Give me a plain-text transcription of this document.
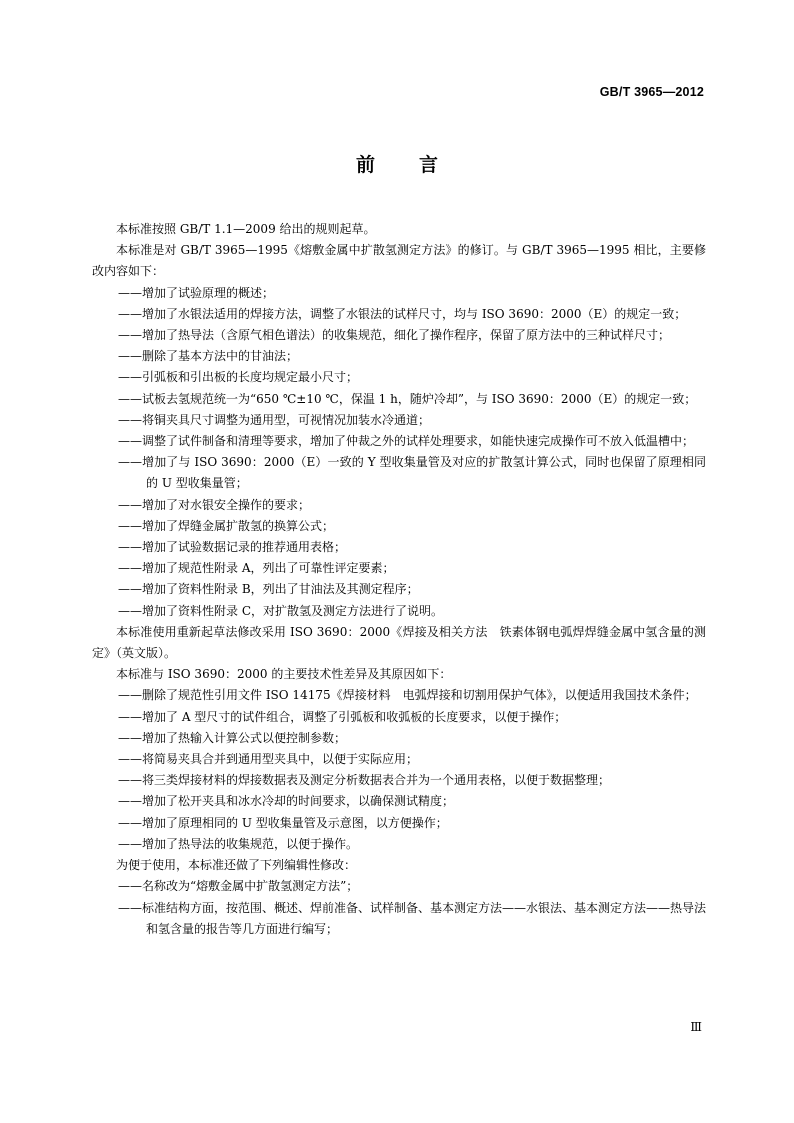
GB/T 3965—2012
前 言

本标准按照 GB/T 1.1—2009 给出的规则起草。

本标准是对 GB/T 3965—1995《熔敷金属中扩散氢测定方法》的修订。与 GB/T 3965—1995 相比，主要修改内容如下：

——增加了试验原理的概述；

——增加了水银法适用的焊接方法，调整了水银法的试样尺寸，均与 ISO 3690：2000（E）的规定一致；

——增加了热导法（含原气相色谱法）的收集规范，细化了操作程序，保留了原方法中的三种试样尺寸；

——删除了基本方法中的甘油法；

——引弧板和引出板的长度均规定最小尺寸；

——试板去氢规范统一为“650 ℃±10 ℃，保温 1 h，随炉冷却”，与 ISO 3690：2000（E）的规定一致；

——将铜夹具尺寸调整为通用型，可视情况加装水冷通道；

——调整了试件制备和清理等要求，增加了仲裁之外的试样处理要求，如能快速完成操作可不放入低温槽中；

——增加了与 ISO 3690：2000（E）一致的 Y 型收集量管及对应的扩散氢计算公式，同时也保留了原理相同的 U 型收集量管；

——增加了对水银安全操作的要求；

——增加了焊缝金属扩散氢的换算公式；

——增加了试验数据记录的推荐通用表格；

——增加了规范性附录 A，列出了可靠性评定要素；

——增加了资料性附录 B，列出了甘油法及其测定程序；

——增加了资料性附录 C，对扩散氢及测定方法进行了说明。

本标准使用重新起草法修改采用 ISO 3690：2000《焊接及相关方法　铁素体钢电弧焊焊缝金属中氢含量的测定》（英文版）。

本标准与 ISO 3690：2000 的主要技术性差异及其原因如下：

——删除了规范性引用文件 ISO 14175《焊接材料　电弧焊接和切割用保护气体》，以便适用我国技术条件；

——增加了 A 型尺寸的试件组合，调整了引弧板和收弧板的长度要求，以便于操作；

——增加了热输入计算公式以便控制参数；

——将简易夹具合并到通用型夹具中，以便于实际应用；

——将三类焊接材料的焊接数据表及测定分析数据表合并为一个通用表格，以便于数据整理；

——增加了松开夹具和冰水冷却的时间要求，以确保测试精度；

——增加了原理相同的 U 型收集量管及示意图，以方便操作；

——增加了热导法的收集规范，以便于操作。

为便于使用，本标准还做了下列编辑性修改：

——名称改为“熔敷金属中扩散氢测定方法”；

——标准结构方面，按范围、概述、焊前准备、试样制备、基本测定方法——水银法、基本测定方法——热导法和氢含量的报告等几方面进行编写；

Ⅲ
